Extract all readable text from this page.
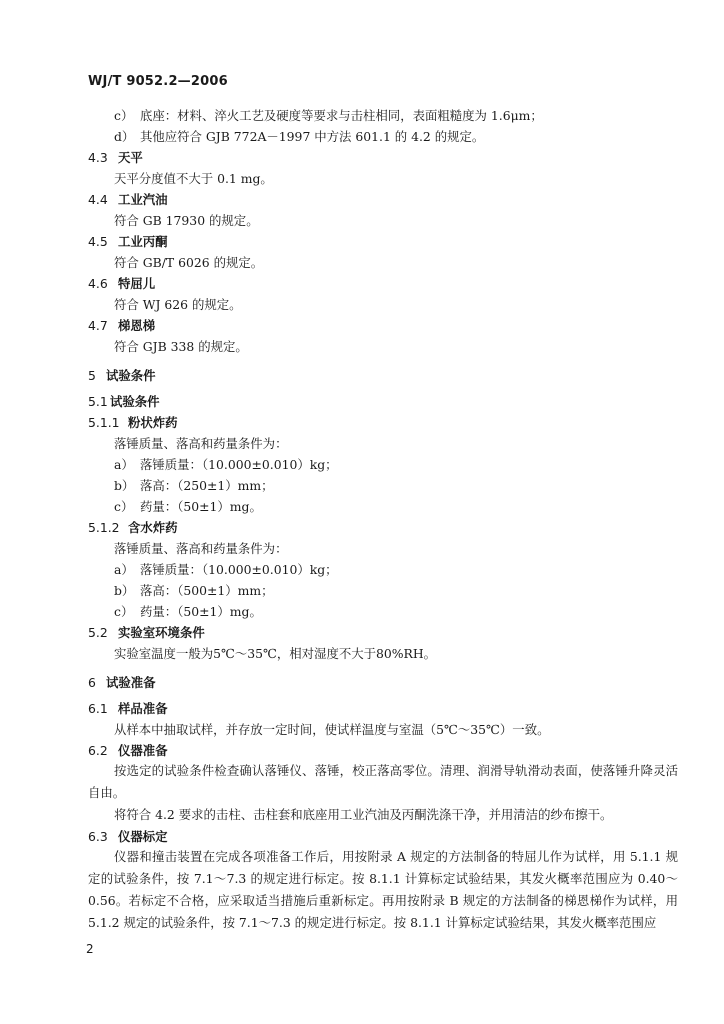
WJ/T 9052.2—2006
c） 底座：材料、淬火工艺及硬度等要求与击柱相同，表面粗糙度为 1.6μm；
d） 其他应符合 GJB 772A－1997 中方法 601.1 的 4.2 的规定。
4.3 天平
天平分度值不大于 0.1 mg。
4.4 工业汽油
符合 GB 17930 的规定。
4.5 工业丙酮
符合 GB/T 6026 的规定。
4.6 特屈儿
符合 WJ 626 的规定。
4.7 梯恩梯
符合 GJB 338 的规定。
5 试验条件
5.1 试验条件
5.1.1 粉状炸药
落锤质量、落高和药量条件为：
a） 落锤质量：（10.000±0.010）kg；
b） 落高：（250±1）mm；
c） 药量：（50±1）mg。
5.1.2 含水炸药
落锤质量、落高和药量条件为：
a） 落锤质量：（10.000±0.010）kg；
b） 落高：（500±1）mm；
c） 药量：（50±1）mg。
5.2 实验室环境条件
实验室温度一般为5℃～35℃，相对湿度不大于80%RH。
6 试验准备
6.1 样品准备
从样本中抽取试样，并存放一定时间，使试样温度与室温（5℃～35℃）一致。
6.2 仪器准备
按选定的试验条件检查确认落锤仪、落锤，校正落高零位。清理、润滑导轨滑动表面，使落锤升降灵活自由。
将符合 4.2 要求的击柱、击柱套和底座用工业汽油及丙酮洗涤干净，并用清洁的纱布擦干。
6.3 仪器标定
仪器和撞击装置在完成各项准备工作后，用按附录 A 规定的方法制备的特屈儿作为试样，用 5.1.1 规定的试验条件，按 7.1～7.3 的规定进行标定。按 8.1.1 计算标定试验结果，其发火概率范围应为 0.40～0.56。若标定不合格，应采取适当措施后重新标定。再用按附录 B 规定的方法制备的梯恩梯作为试样，用 5.1.2 规定的试验条件，按 7.1～7.3 的规定进行标定。按 8.1.1 计算标定试验结果，其发火概率范围应
2
